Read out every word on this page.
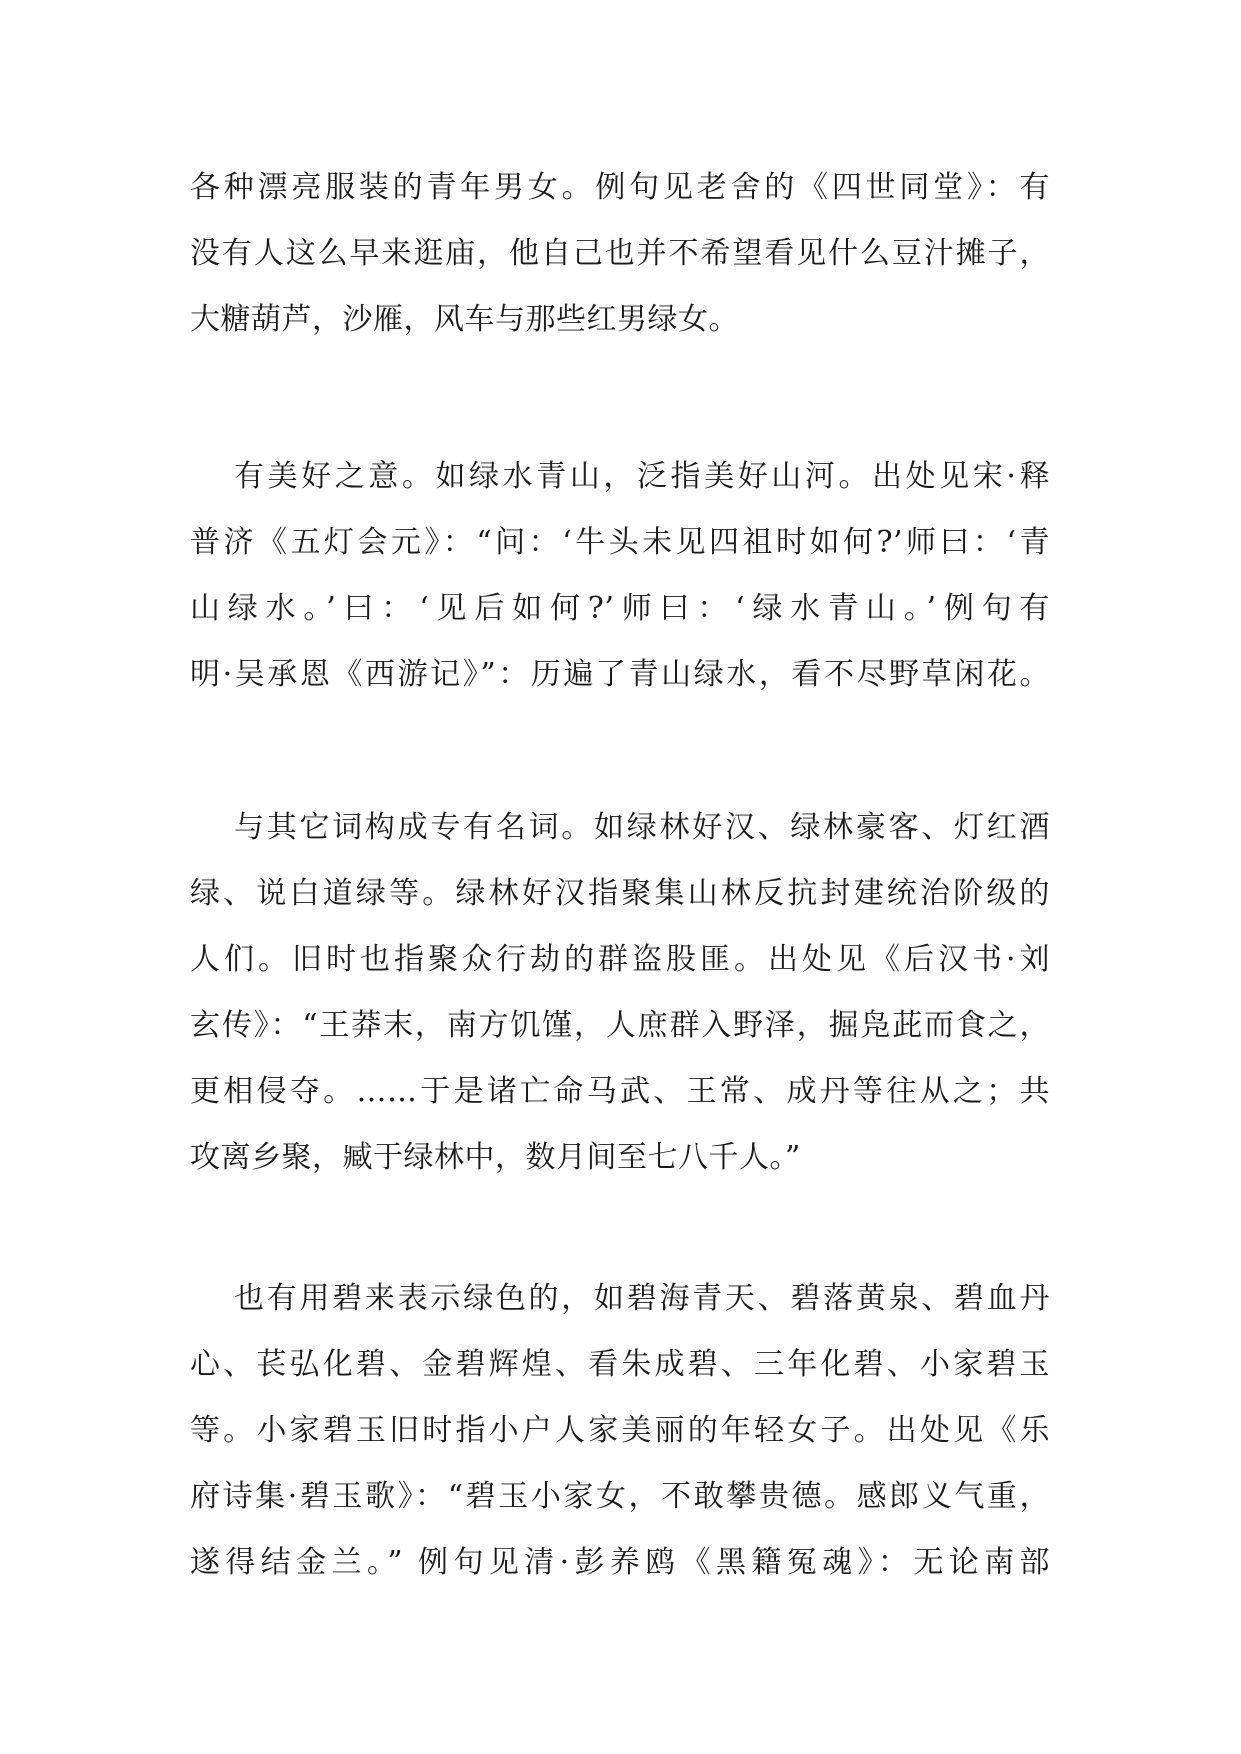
各种漂亮服装的青年男女。例句见老舍的《四世同堂》：有
没有人这么早来逛庙，他自己也并不希望看见什么豆汁摊子，
大糖葫芦，沙雁，风车与那些红男绿女。

有美好之意。如绿水青山，泛指美好山河。出处见宋·释
普济《五灯会元》：“问：‘牛头未见四祖时如何?’师曰：‘青
山绿水。’曰：‘见后如何?’师曰：‘绿水青山。’例句有
明·吴承恩《西游记》”：历遍了青山绿水，看不尽野草闲花。

与其它词构成专有名词。如绿林好汉、绿林豪客、灯红酒
绿、说白道绿等。绿林好汉指聚集山林反抗封建统治阶级的
人们。旧时也指聚众行劫的群盗股匪。出处见《后汉书·刘
玄传》：“王莽末，南方饥馑，人庶群入野泽，掘凫茈而食之，
更相侵夺。……于是诸亡命马武、王常、成丹等往从之；共
攻离乡聚，臧于绿林中，数月间至七八千人。”

也有用碧来表示绿色的，如碧海青天、碧落黄泉、碧血丹
心、苌弘化碧、金碧辉煌、看朱成碧、三年化碧、小家碧玉
等。小家碧玉旧时指小户人家美丽的年轻女子。出处见《乐
府诗集·碧玉歌》：“碧玉小家女，不敢攀贵德。感郎义气重，
遂得结金兰。” 例句见清·彭养鸥《黑籍冤魂》：无论南部
